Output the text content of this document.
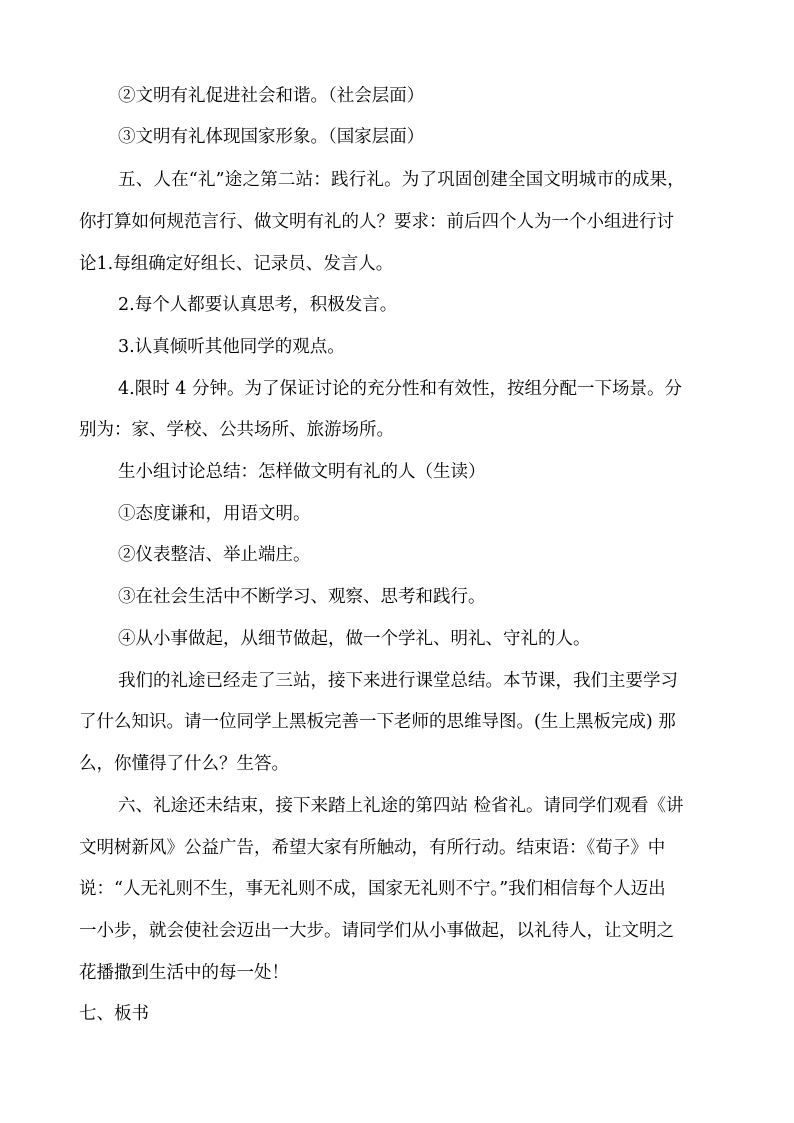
②文明有礼促进社会和谐。（社会层面）
③文明有礼体现国家形象。（国家层面）
五、人在“礼”途之第二站：践行礼。为了巩固创建全国文明城市的成果，
你打算如何规范言行、做文明有礼的人？要求：前后四个人为一个小组进行讨
论1.每组确定好组长、记录员、发言人。
2.每个人都要认真思考，积极发言。
3.认真倾听其他同学的观点。
4.限时 4 分钟。为了保证讨论的充分性和有效性，按组分配一下场景。分
别为：家、学校、公共场所、旅游场所。
生小组讨论总结：怎样做文明有礼的人（生读）
①态度谦和，用语文明。
②仪表整洁、举止端庄。
③在社会生活中不断学习、观察、思考和践行。
④从小事做起，从细节做起，做一个学礼、明礼、守礼的人。
我们的礼途已经走了三站，接下来进行课堂总结。本节课，我们主要学习
了什么知识。请一位同学上黑板完善一下老师的思维导图。(生上黑板完成) 那
么，你懂得了什么？生答。
六、礼途还未结束，接下来踏上礼途的第四站 检省礼。请同学们观看《讲
文明树新风》公益广告，希望大家有所触动，有所行动。结束语：《荀子》中
说：“人无礼则不生，事无礼则不成，国家无礼则不宁。”我们相信每个人迈出
一小步，就会使社会迈出一大步。请同学们从小事做起，以礼待人，让文明之
花播撒到生活中的每一处！
七、板书
